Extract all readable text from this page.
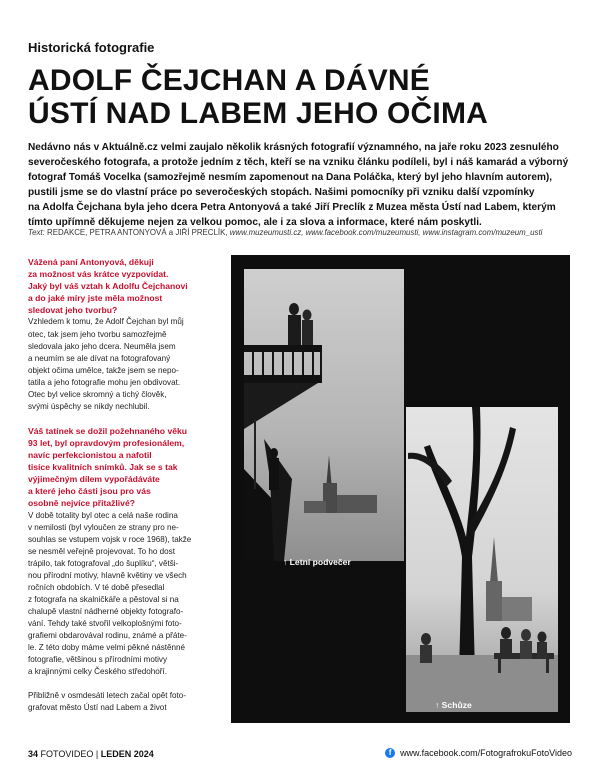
Historická fotografie
ADOLF ČEJCHAN A DÁVNÉ
ÚSTÍ NAD LABEM JEHO OČIMA
Nedávno nás v Aktuálně.cz velmi zaujalo několik krásných fotografií významného, na jaře roku 2023 zesnulého
severočeského fotografa, a protože jedním z těch, kteří se na vzniku článku podíleli, byl i náš kamarád a výborný
fotograf Tomáš Vocelka (samozřejmě nesmím zapomenout na Dana Poláčka, který byl jeho hlavním autorem),
pustili jsme se do vlastní práce po severočeských stopách. Našimi pomocníky při vzniku další vzpomínky
na Adolfa Čejchana byla jeho dcera Petra Antonyová a také Jiří Preclík z Muzea města Ústí nad Labem, kterým
tímto upřímně děkujeme nejen za velkou pomoc, ale i za slova a informace, které nám poskytli.
Text: REDAKCE, PETRA ANTONYOVÁ a JIŘÍ PRECLÍK, www.muzeumusti.cz, www.facebook.com/muzeumusti, www.instagram.com/muzeum_usti
Vážená paní Antonyová, děkuji
za možnost vás krátce vyzpovídat.
Jaký byl váš vztah k Adolfu Čejchanovi
a do jaké míry jste měla možnost
sledovat jeho tvorbu?
Vzhledem k tomu, že Adolf Čejchan byl můj
otec, tak jsem jeho tvorbu samozřejmě
sledovala jako jeho dcera. Neuměla jsem
a neumím se ale dívat na fotografovaný
objekt očima umělce, takže jsem se nepo-
tatila a jeho fotografie mohu jen obdivovat.
Otec byl velice skromný a tichý člověk,
svými úspěchy se nikdy nechlubil.
Váš tatínek se dožil požehnaného věku
93 let, byl opravdovým profesionálem,
navíc perfekcionistou a nafotil
tisíce kvalitních snímků. Jak se s tak
výjimečným dílem vypořádáváte
a které jeho části jsou pro vás
osobně nejvíce přitažlivé?
V době totality byl otec a celá naše rodina
v nemilosti (byl vyloučen ze strany pro ne-
souhlas se vstupem vojsk v roce 1968), takže
se nesměl veřejně projevovat. To ho dost
trápilo, tak fotografoval „do šuplíku“, větši-
nou přírodní motivy, hlavně květiny ve všech
ročních obdobích. V té době přesedlal
z fotografa na skalničkáře a pěstoval si na
chalupě vlastní nádherné objekty fotografo-
vání. Tehdy také stvořil velkoplošnými foto-
grafiemi obdarovával rodinu, známé a přáte-
le. Z této doby máme velmi pěkné nástěnné
fotografie, většinou s přírodními motivy
a krajinnými celky Českého středohoří.
Přibližně v osmdesáti letech začal opět foto-
grafovat město Ústí nad Labem a život
↑ Letní podvečer
↑ Schůze
34 FOTOVIDEO | LEDEN 2024	f www.facebook.com/FotografrokuFotoVideo
